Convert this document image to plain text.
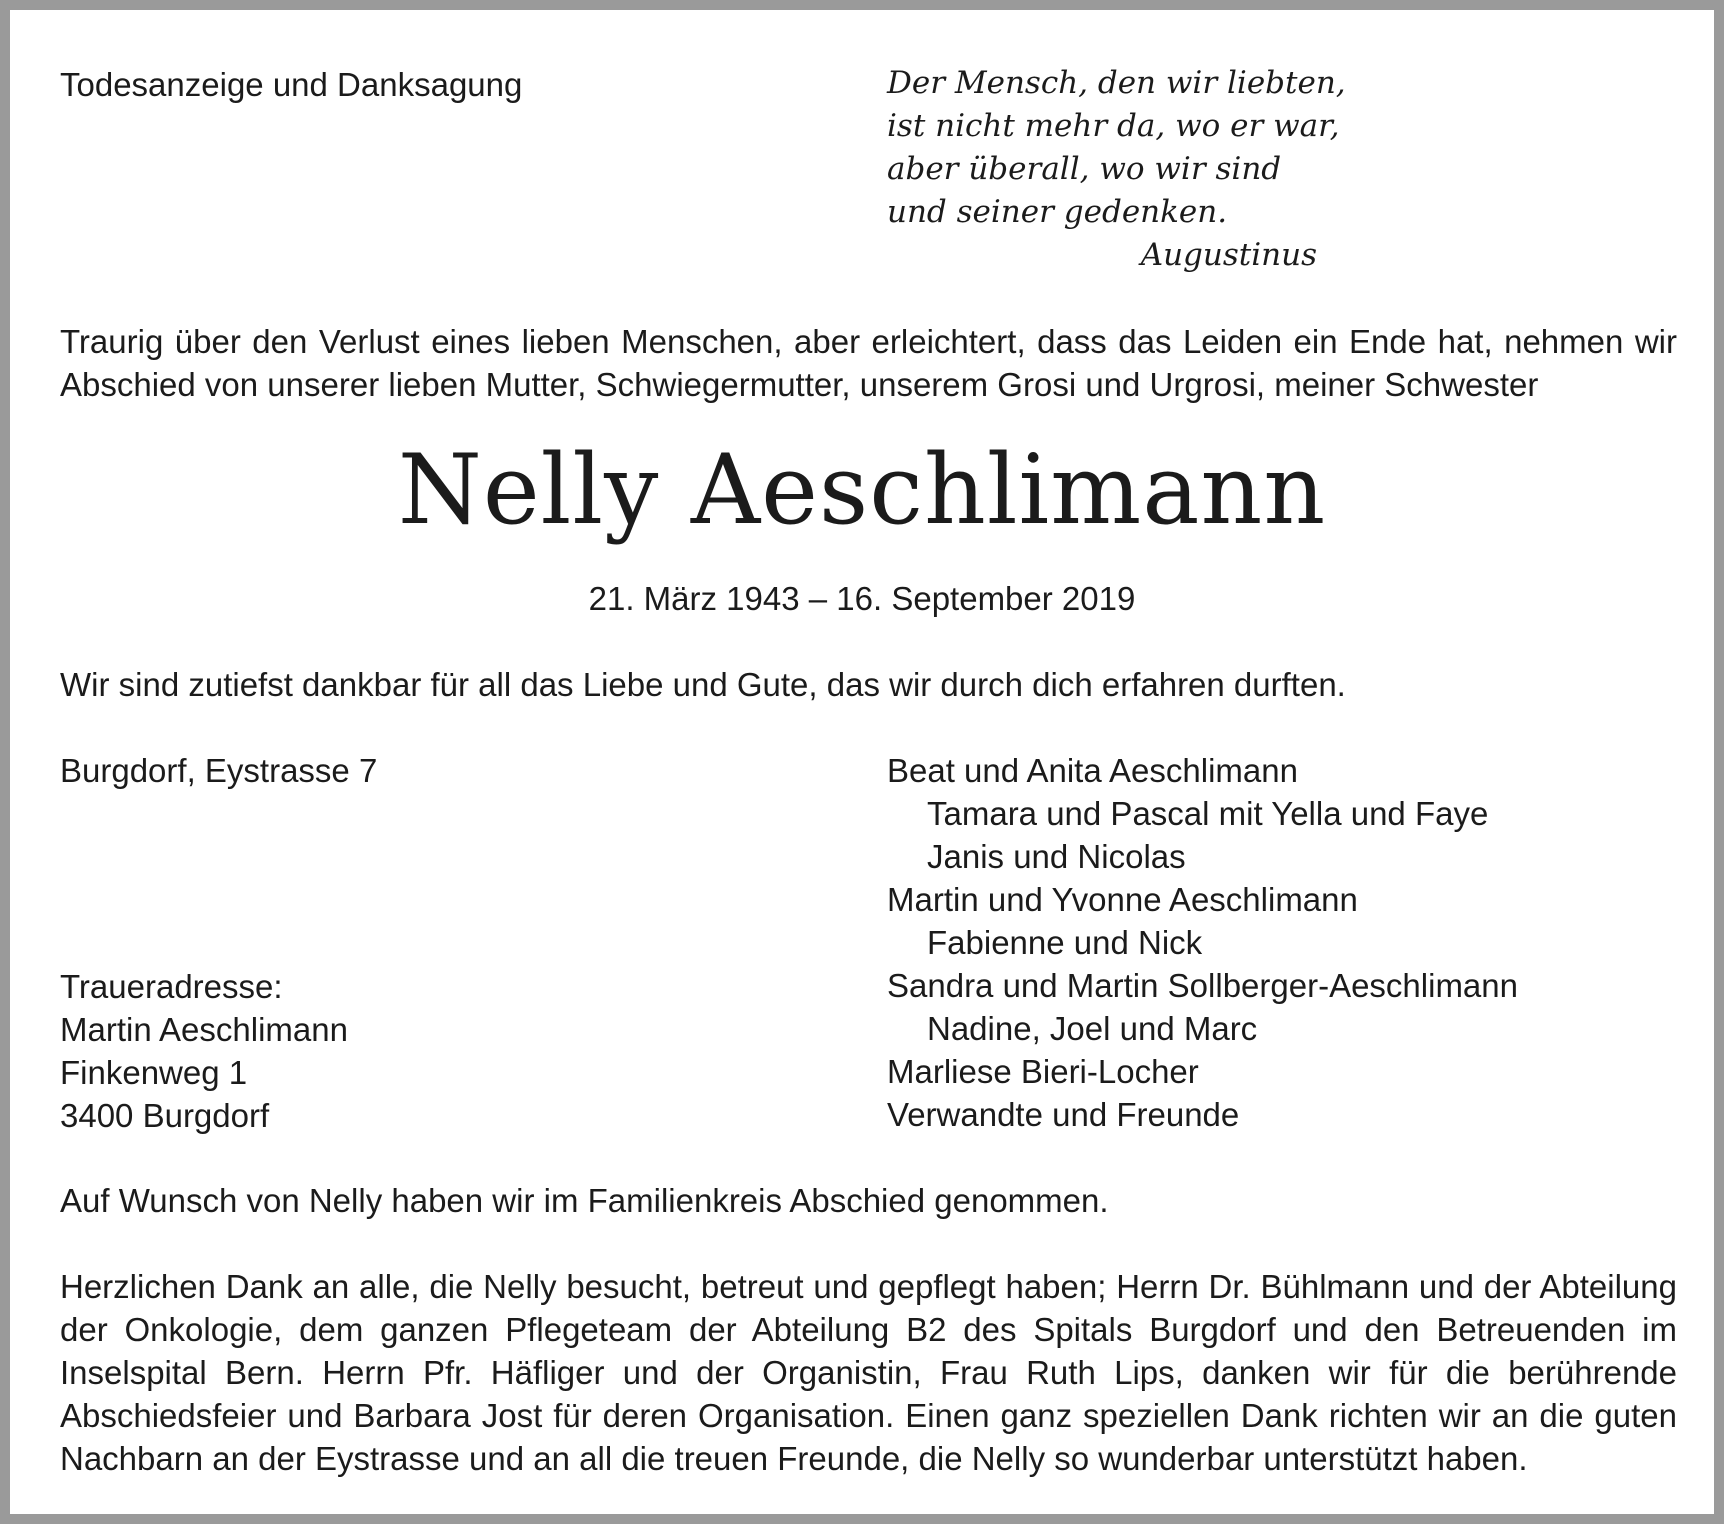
Todesanzeige und Danksagung	Der Mensch, den wir liebten,
ist nicht mehr da, wo er war,
aber überall, wo wir sind
und seiner gedenken.
Augustinus
Traurig über den Verlust eines lieben Menschen, aber erleichtert, dass das Leiden ein Ende hat, nehmen wir Abschied von unserer lieben Mutter, Schwiegermutter, unserem Grosi und Urgrosi, meiner Schwester
Nelly Aeschlimann
21. März 1943 – 16. September 2019
Wir sind zutiefst dankbar für all das Liebe und Gute, das wir durch dich erfahren durften.
Burgdorf, Eystrasse 7
Traueradresse:
Martin Aeschlimann
Finkenweg 1
3400 Burgdorf
Beat und Anita Aeschlimann
Tamara und Pascal mit Yella und Faye
Janis und Nicolas
Martin und Yvonne Aeschlimann
Fabienne und Nick
Sandra und Martin Sollberger-Aeschlimann
Nadine, Joel und Marc
Marliese Bieri-Locher
Verwandte und Freunde
Auf Wunsch von Nelly haben wir im Familienkreis Abschied genommen.
Herzlichen Dank an alle, die Nelly besucht, betreut und gepflegt haben; Herrn Dr. Bühlmann und der Abteilung der Onkologie, dem ganzen Pflegeteam der Abteilung B2 des Spitals Burgdorf und den Betreuenden im Inselspital Bern. Herrn Pfr. Häfliger und der Organistin, Frau Ruth Lips, danken wir für die berührende Abschiedsfeier und Barbara Jost für deren Organisation. Einen ganz speziellen Dank richten wir an die guten Nachbarn an der Eystrasse und an all die treuen Freunde, die Nelly so wunderbar unterstützt haben.
